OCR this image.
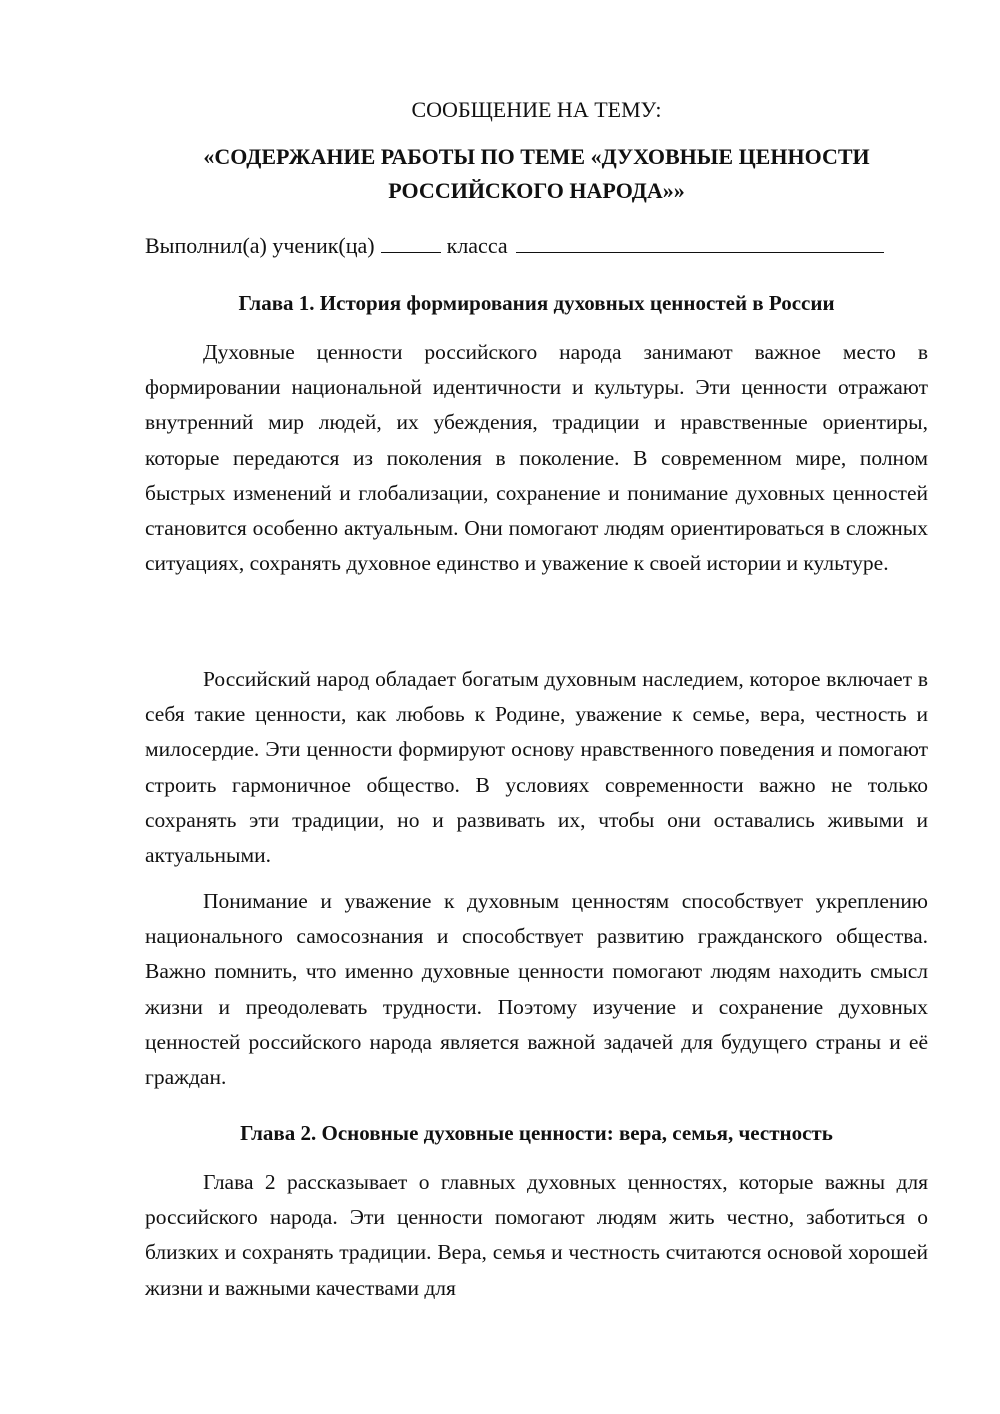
СООБЩЕНИЕ НА ТЕМУ:
«СОДЕРЖАНИЕ РАБОТЫ ПО ТЕМЕ «ДУХОВНЫЕ ЦЕННОСТИ РОССИЙСКОГО НАРОДА»»
Выполнил(а) ученик(ца)	класса
Глава 1. История формирования духовных ценностей в России

Духовные ценности российского народа занимают важное место в формировании национальной идентичности и культуры. Эти ценности отражают внутренний мир людей, их убеждения, традиции и нравственные ориентиры, которые передаются из поколения в поколение. В современном мире, полном быстрых изменений и глобализации, сохранение и понимание духовных ценностей становится особенно актуальным. Они помогают людям ориентироваться в сложных ситуациях, сохранять духовное единство и уважение к своей истории и культуре.

Российский народ обладает богатым духовным наследием, которое включает в себя такие ценности, как любовь к Родине, уважение к семье, вера, честность и милосердие. Эти ценности формируют основу нравственного поведения и помогают строить гармоничное общество. В условиях современности важно не только сохранять эти традиции, но и развивать их, чтобы они оставались живыми и актуальными.

Понимание и уважение к духовным ценностям способствует укреплению национального самосознания и способствует развитию гражданского общества. Важно помнить, что именно духовные ценности помогают людям находить смысл жизни и преодолевать трудности. Поэтому изучение и сохранение духовных ценностей российского народа является важной задачей для будущего страны и её граждан.

Глава 2. Основные духовные ценности: вера, семья, честность

Глава 2 рассказывает о главных духовных ценностях, которые важны для российского народа. Эти ценности помогают людям жить честно, заботиться о близких и сохранять традиции. Вера, семья и честность считаются основой хорошей жизни и важными качествами для
